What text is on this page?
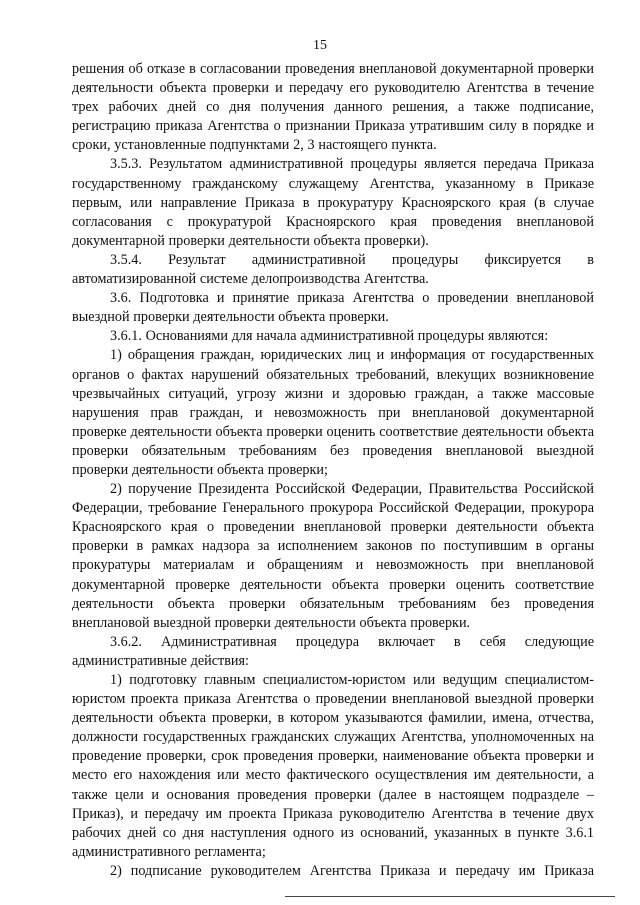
15

решения об отказе в согласовании проведения внеплановой документарной проверки деятельности объекта проверки и передачу его руководителю Агентства в течение трех рабочих дней со дня получения данного решения, а также подписание, регистрацию приказа Агентства о признании Приказа утратившим силу в порядке и сроки, установленные подпунктами 2, 3 настоящего пункта.

3.5.3. Результатом административной процедуры является передача Приказа государственному гражданскому служащему Агентства, указанному в Приказе первым, или направление Приказа в прокуратуру Красноярского края (в случае согласования с прокуратурой Красноярского края проведения внеплановой документарной проверки деятельности объекта проверки).

3.5.4. Результат административной процедуры фиксируется в автоматизированной системе делопроизводства Агентства.

3.6. Подготовка и принятие приказа Агентства о проведении внеплановой выездной проверки деятельности объекта проверки.

3.6.1. Основаниями для начала административной процедуры являются:

1) обращения граждан, юридических лиц и информация от государственных органов о фактах нарушений обязательных требований, влекущих возникновение чрезвычайных ситуаций, угрозу жизни и здоровью граждан, а также массовые нарушения прав граждан, и невозможность при внеплановой документарной проверке деятельности объекта проверки оценить соответствие деятельности объекта проверки обязательным требованиям без проведения внеплановой выездной проверки деятельности объекта проверки;

2) поручение Президента Российской Федерации, Правительства Российской Федерации, требование Генерального прокурора Российской Федерации, прокурора Красноярского края о проведении внеплановой проверки деятельности объекта проверки в рамках надзора за исполнением законов по поступившим в органы прокуратуры материалам и обращениям и невозможность при внеплановой документарной проверке деятельности объекта проверки оценить соответствие деятельности объекта проверки обязательным требованиям без проведения внеплановой выездной проверки деятельности объекта проверки.

3.6.2. Административная процедура включает в себя следующие административные действия:

1) подготовку главным специалистом-юристом или ведущим специалистом-юристом проекта приказа Агентства о проведении внеплановой выездной проверки деятельности объекта проверки, в котором указываются фамилии, имена, отчества, должности государственных гражданских служащих Агентства, уполномоченных на проведение проверки, срок проведения проверки, наименование объекта проверки и место его нахождения или место фактического осуществления им деятельности, а также цели и основания проведения проверки (далее в настоящем подразделе – Приказ), и передачу им проекта Приказа руководителю Агентства в течение двух рабочих дней со дня наступления одного из оснований, указанных в пункте 3.6.1 административного регламента;

2) подписание руководителем Агентства Приказа и передачу им Приказа
